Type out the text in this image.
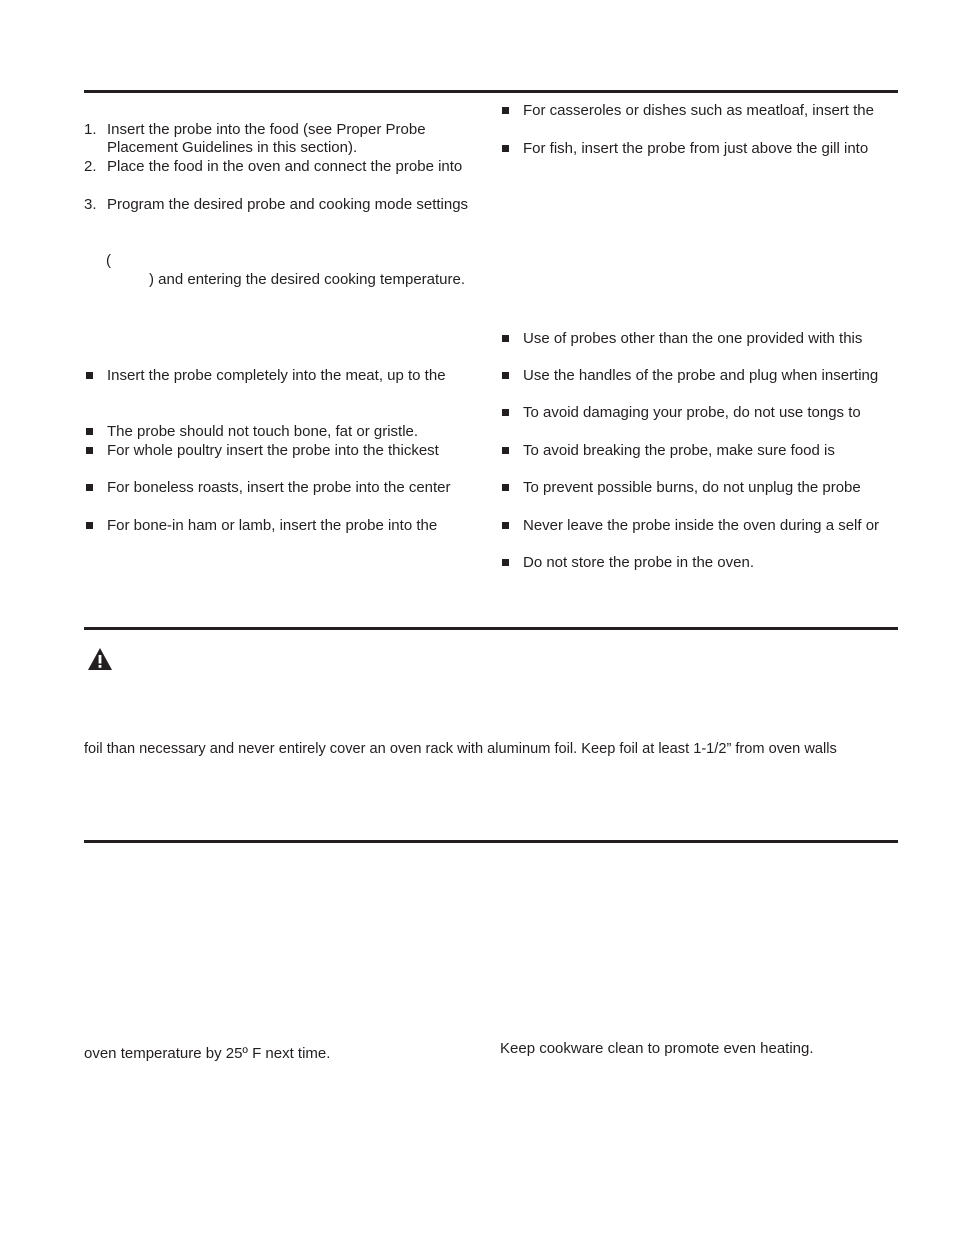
1. Insert the probe into the food (see Proper Probe
Placement Guidelines in this section).
2. Place the food in the oven and connect the probe into
3. Program the desired probe and cooking mode settings
(
) and entering the desired cooking temperature.
Insert the probe completely into the meat, up to the
The probe should not touch bone, fat or gristle.
For whole poultry insert the probe into the thickest
For boneless roasts, insert the probe into the center
For bone-in ham or lamb, insert the probe into the
For casseroles or dishes such as meatloaf, insert the
For fish, insert the probe from just above the gill into
Use of probes other than the one provided with this
Use the handles of the probe and plug when inserting
To avoid damaging your probe, do not use tongs to
To avoid breaking the probe, make sure food is
To prevent possible burns, do not unplug the probe
Never leave the probe inside the oven during a self or
Do not store the probe in the oven.
foil than necessary and never entirely cover an oven rack with aluminum foil. Keep foil at least 1-1/2” from oven walls
oven temperature by 25º F next time.	Keep cookware clean to promote even heating.
